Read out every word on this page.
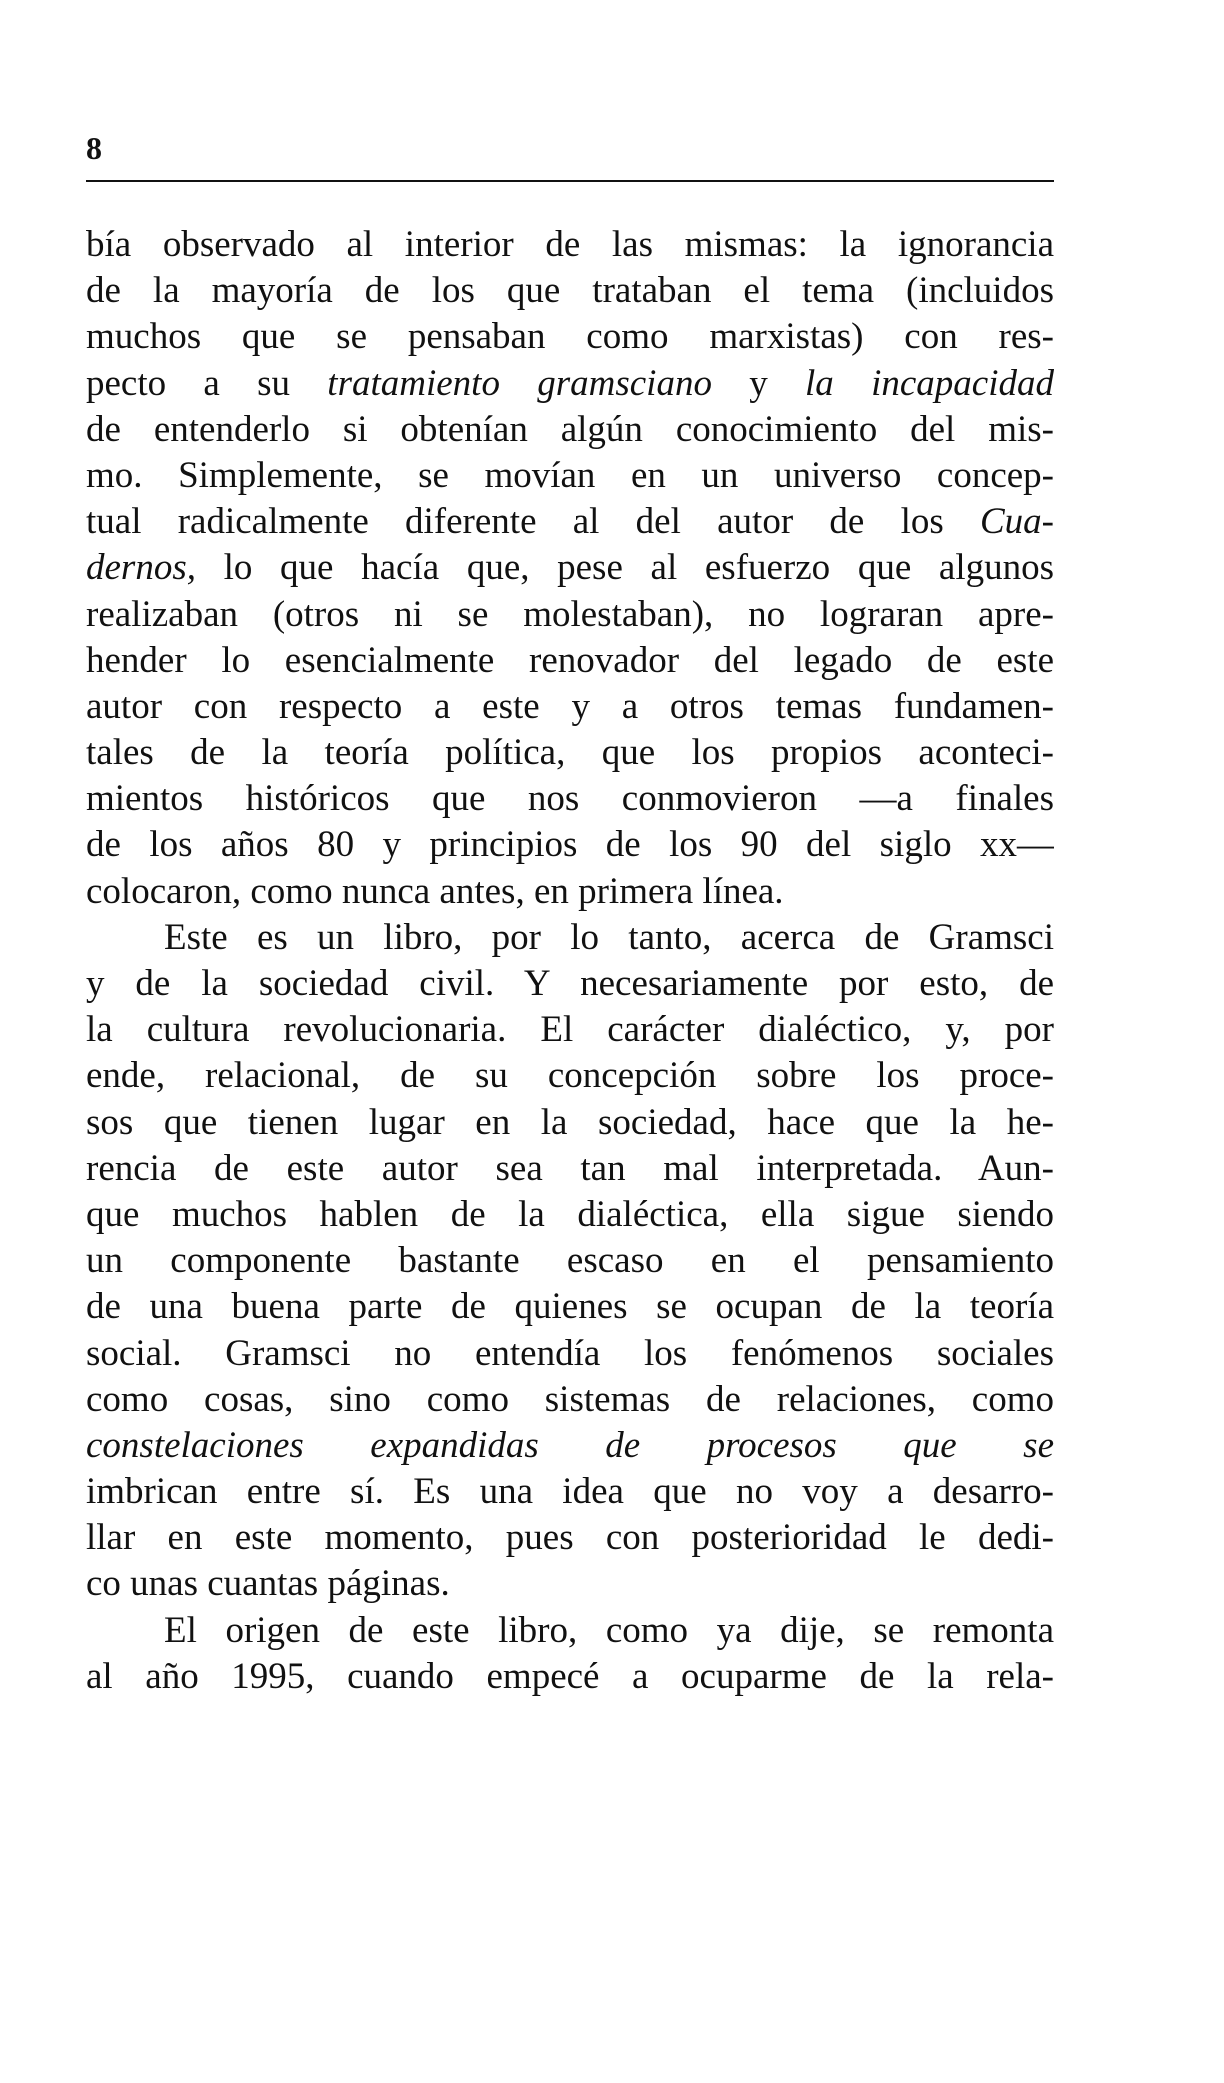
8
bía observado al interior de las mismas: la ignorancia
de la mayoría de los que trataban el tema (incluidos
muchos que se pensaban como marxistas) con res-
pecto a su tratamiento gramsciano y la incapacidad
de entenderlo si obtenían algún conocimiento del mis-
mo. Simplemente, se movían en un universo concep-
tual radicalmente diferente al del autor de los Cua-
dernos, lo que hacía que, pese al esfuerzo que algunos
realizaban (otros ni se molestaban), no lograran apre-
hender lo esencialmente renovador del legado de este
autor con respecto a este y a otros temas fundamen-
tales de la teoría política, que los propios aconteci-
mientos históricos que nos conmovieron —a finales
de los años 80 y principios de los 90 del siglo xx—
colocaron, como nunca antes, en primera línea.
Este es un libro, por lo tanto, acerca de Gramsci
y de la sociedad civil. Y necesariamente por esto, de
la cultura revolucionaria. El carácter dialéctico, y, por
ende, relacional, de su concepción sobre los proce-
sos que tienen lugar en la sociedad, hace que la he-
rencia de este autor sea tan mal interpretada. Aun-
que muchos hablen de la dialéctica, ella sigue siendo
un componente bastante escaso en el pensamiento
de una buena parte de quienes se ocupan de la teoría
social. Gramsci no entendía los fenómenos sociales
como cosas, sino como sistemas de relaciones, como
constelaciones expandidas de procesos que se
imbrican entre sí. Es una idea que no voy a desarro-
llar en este momento, pues con posterioridad le dedi-
co unas cuantas páginas.
El origen de este libro, como ya dije, se remonta
al año 1995, cuando empecé a ocuparme de la rela-
